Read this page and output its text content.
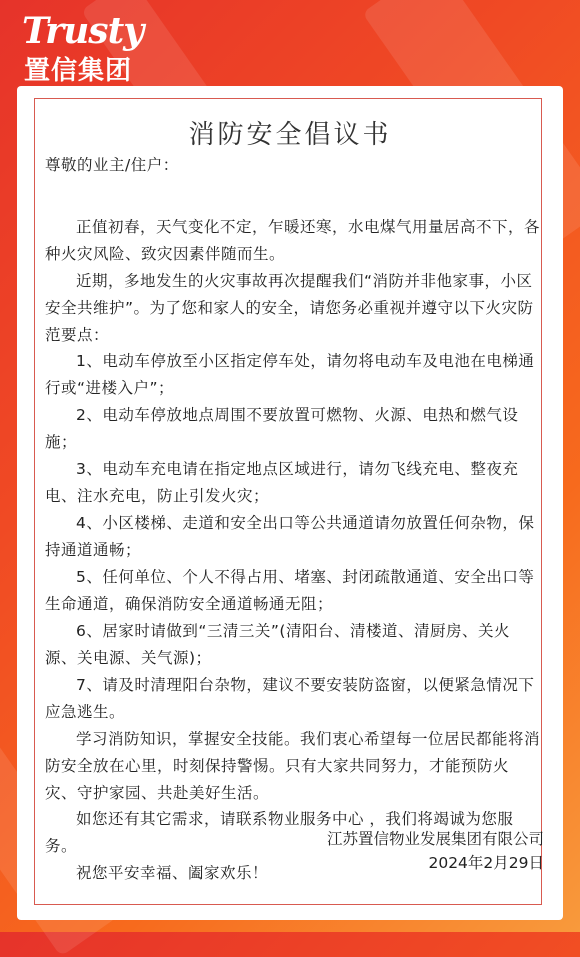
Trusty
置信集团
消防安全倡议书

尊敬的业主/住户：

正值初春，天气变化不定，乍暖还寒，水电煤气用量居高不下，各种火灾风险、致灾因素伴随而生。

近期，多地发生的火灾事故再次提醒我们“消防并非他家事，小区安全共维护”。为了您和家人的安全，请您务必重视并遵守以下火灾防范要点：

1、电动车停放至小区指定停车处，请勿将电动车及电池在电梯通行或“进楼入户”；

2、电动车停放地点周围不要放置可燃物、火源、电热和燃气设施；

3、电动车充电请在指定地点区域进行，请勿飞线充电、整夜充电、注水充电，防止引发火灾；

4、小区楼梯、走道和安全出口等公共通道请勿放置任何杂物，保持通道通畅；

5、任何单位、个人不得占用、堵塞、封闭疏散通道、安全出口等生命通道，确保消防安全通道畅通无阻；

6、居家时请做到“三清三关”(清阳台、清楼道、清厨房、关火源、关电源、关气源)；

7、请及时清理阳台杂物，建议不要安装防盗窗，以便紧急情况下应急逃生。

学习消防知识，掌握安全技能。我们衷心希望每一位居民都能将消防安全放在心里，时刻保持警惕。只有大家共同努力，才能预防火灾、守护家园、共赴美好生活。

如您还有其它需求，请联系物业服务中心 ，我们将竭诚为您服务。

祝您平安幸福、阖家欢乐！

江苏置信物业发展集团有限公司

2024年2月29日
